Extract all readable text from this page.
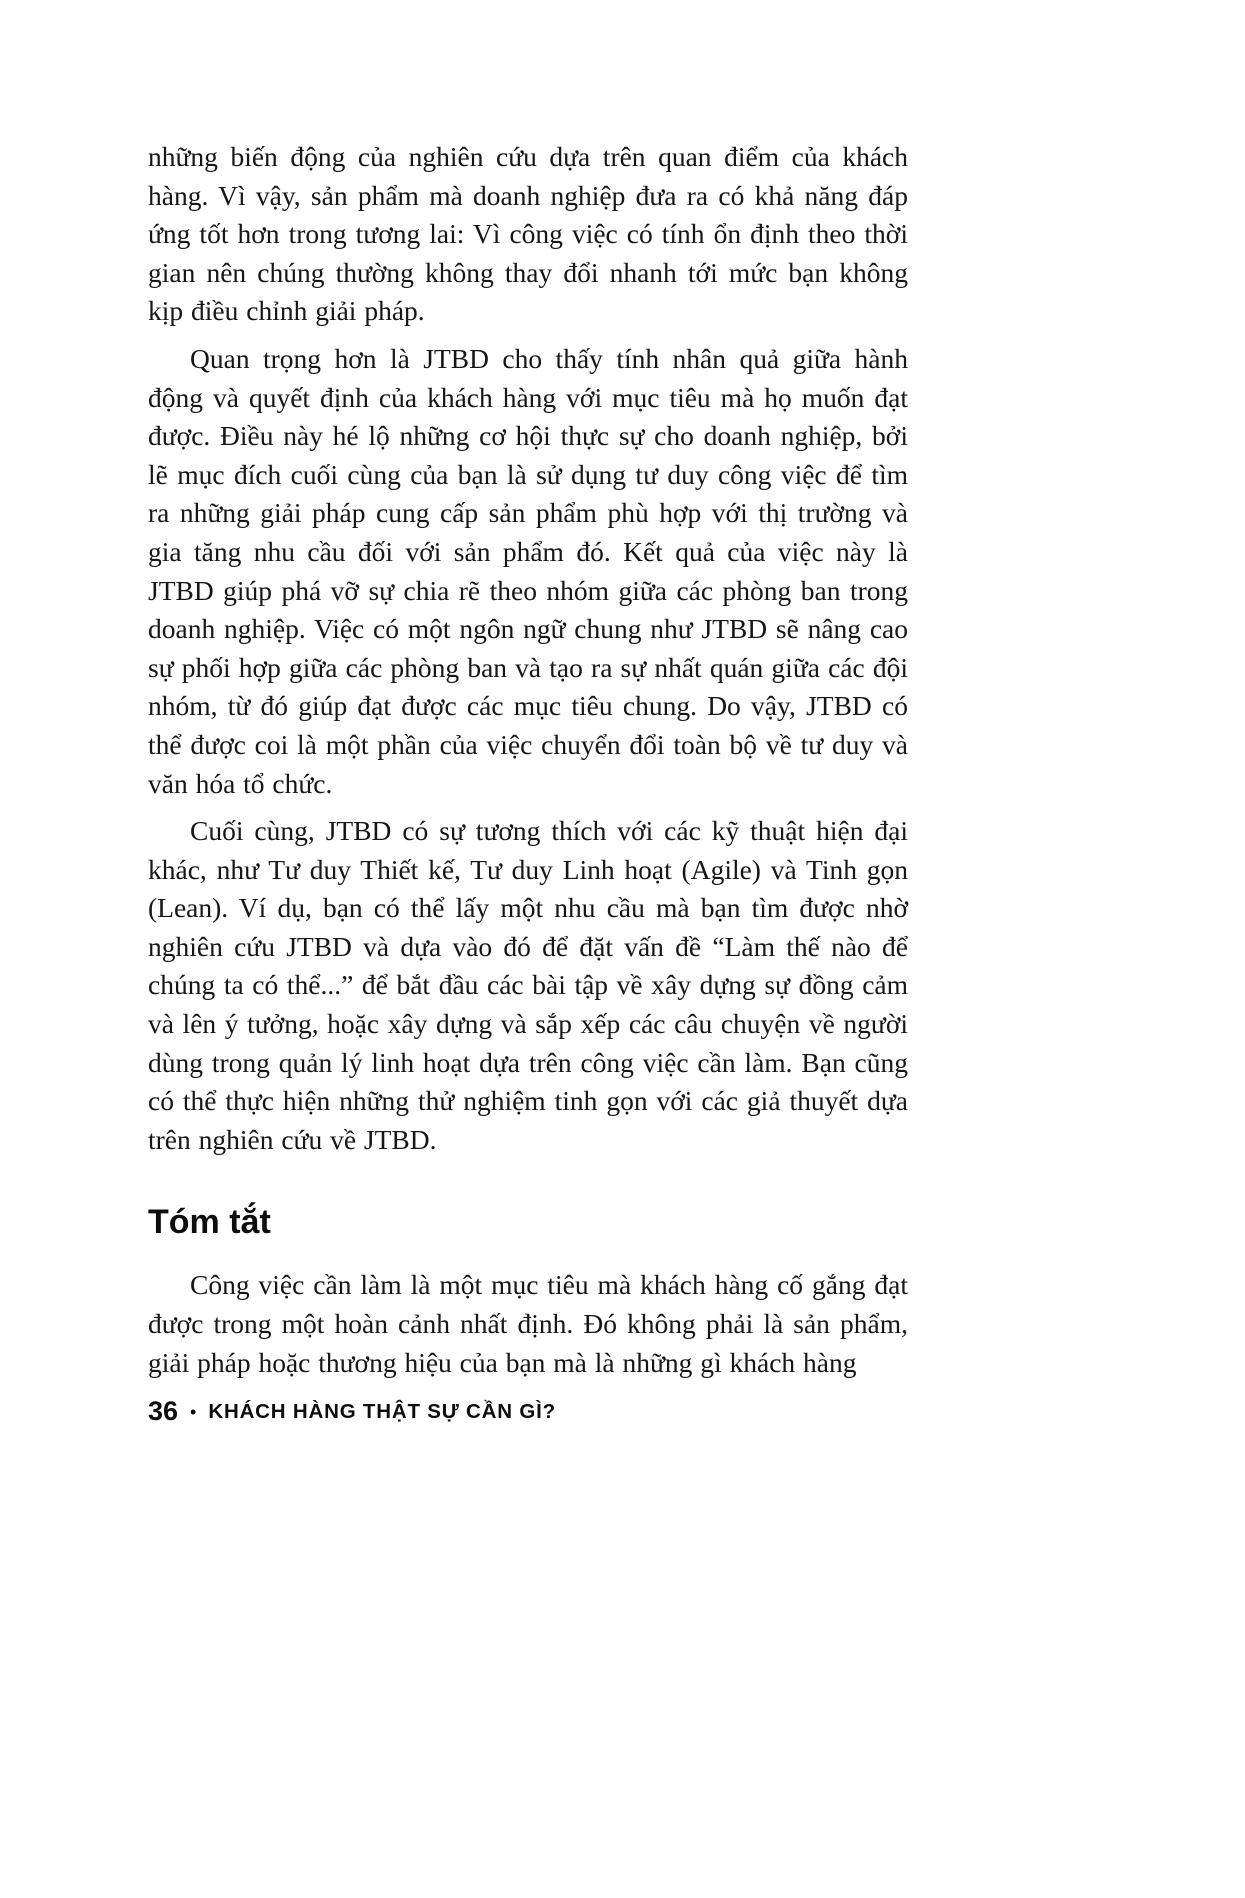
những biến động của nghiên cứu dựa trên quan điểm của khách hàng. Vì vậy, sản phẩm mà doanh nghiệp đưa ra có khả năng đáp ứng tốt hơn trong tương lai: Vì công việc có tính ổn định theo thời gian nên chúng thường không thay đổi nhanh tới mức bạn không kịp điều chỉnh giải pháp.

Quan trọng hơn là JTBD cho thấy tính nhân quả giữa hành động và quyết định của khách hàng với mục tiêu mà họ muốn đạt được. Điều này hé lộ những cơ hội thực sự cho doanh nghiệp, bởi lẽ mục đích cuối cùng của bạn là sử dụng tư duy công việc để tìm ra những giải pháp cung cấp sản phẩm phù hợp với thị trường và gia tăng nhu cầu đối với sản phẩm đó. Kết quả của việc này là JTBD giúp phá vỡ sự chia rẽ theo nhóm giữa các phòng ban trong doanh nghiệp. Việc có một ngôn ngữ chung như JTBD sẽ nâng cao sự phối hợp giữa các phòng ban và tạo ra sự nhất quán giữa các đội nhóm, từ đó giúp đạt được các mục tiêu chung. Do vậy, JTBD có thể được coi là một phần của việc chuyển đổi toàn bộ về tư duy và văn hóa tổ chức.

Cuối cùng, JTBD có sự tương thích với các kỹ thuật hiện đại khác, như Tư duy Thiết kế, Tư duy Linh hoạt (Agile) và Tinh gọn (Lean). Ví dụ, bạn có thể lấy một nhu cầu mà bạn tìm được nhờ nghiên cứu JTBD và dựa vào đó để đặt vấn đề “Làm thế nào để chúng ta có thể...” để bắt đầu các bài tập về xây dựng sự đồng cảm và lên ý tưởng, hoặc xây dựng và sắp xếp các câu chuyện về người dùng trong quản lý linh hoạt dựa trên công việc cần làm. Bạn cũng có thể thực hiện những thử nghiệm tinh gọn với các giả thuyết dựa trên nghiên cứu về JTBD.

Tóm tắt

Công việc cần làm là một mục tiêu mà khách hàng cố gắng đạt được trong một hoàn cảnh nhất định. Đó không phải là sản phẩm, giải pháp hoặc thương hiệu của bạn mà là những gì khách hàng

36 • KHÁCH HÀNG THẬT SỰ CẦN GÌ?
